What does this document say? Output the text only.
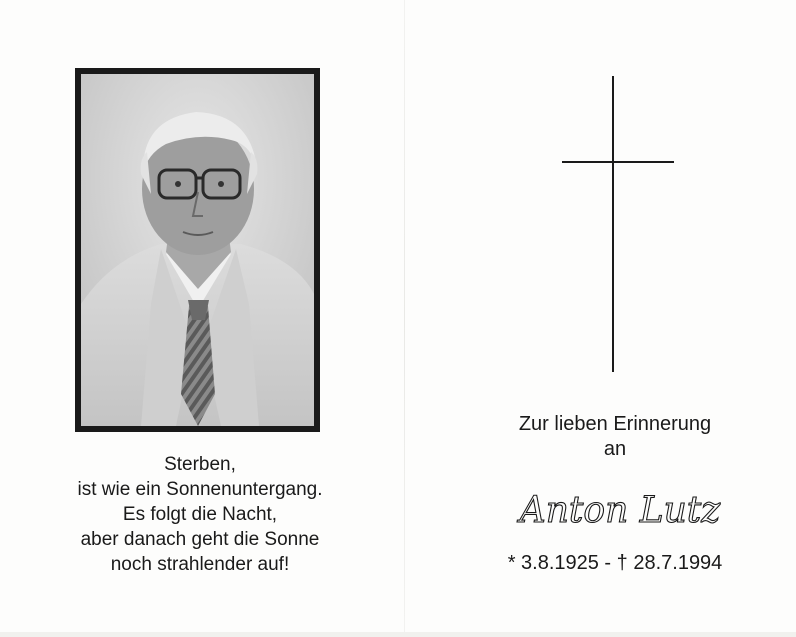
Sterben,
ist wie ein Sonnenuntergang.
Es folgt die Nacht,
aber danach geht die Sonne
noch strahlender auf!
Zur lieben Erinnerung
an
Anton Lutz
* 3.8.1925 - † 28.7.1994
